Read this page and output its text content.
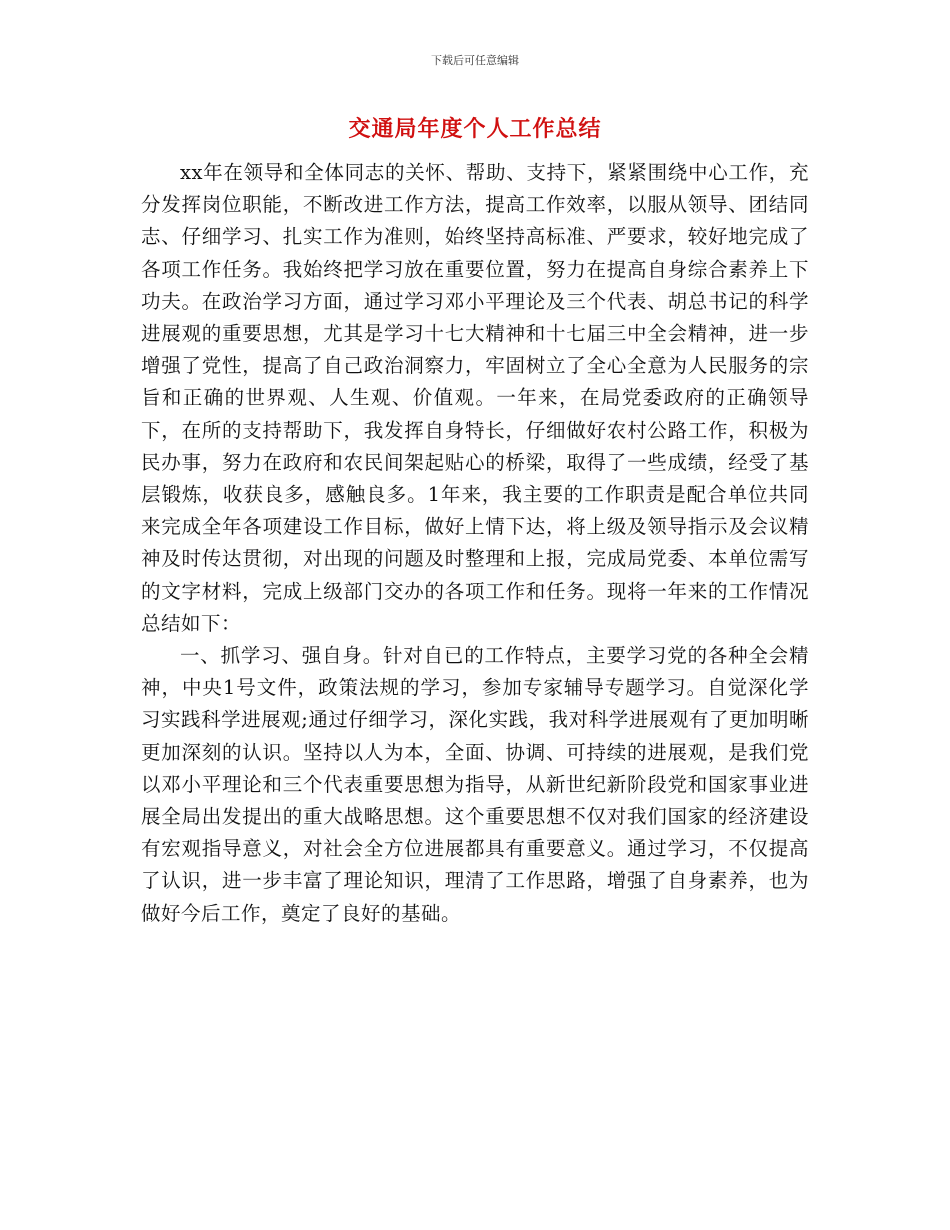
下载后可任意编辑
交通局年度个人工作总结

xx年在领导和全体同志的关怀、帮助、支持下，紧紧围绕中心工作，充分发挥岗位职能，不断改进工作方法，提高工作效率，以服从领导、团结同志、仔细学习、扎实工作为准则，始终坚持高标准、严要求，较好地完成了各项工作任务。我始终把学习放在重要位置，努力在提高自身综合素养上下功夫。在政治学习方面，通过学习邓小平理论及三个代表、胡总书记的科学进展观的重要思想，尤其是学习十七大精神和十七届三中全会精神，进一步增强了党性，提高了自己政治洞察力，牢固树立了全心全意为人民服务的宗旨和正确的世界观、人生观、价值观。一年来，在局党委政府的正确领导下，在所的支持帮助下，我发挥自身特长，仔细做好农村公路工作，积极为民办事，努力在政府和农民间架起贴心的桥梁，取得了一些成绩，经受了基层锻炼，收获良多，感触良多。1年来，我主要的工作职责是配合单位共同来完成全年各项建设工作目标，做好上情下达，将上级及领导指示及会议精神及时传达贯彻，对出现的问题及时整理和上报，完成局党委、本单位需写的文字材料，完成上级部门交办的各项工作和任务。现将一年来的工作情况总结如下：

一、抓学习、强自身。针对自已的工作特点，主要学习党的各种全会精神，中央1号文件，政策法规的学习，参加专家辅导专题学习。自觉深化学习实践科学进展观;通过仔细学习，深化实践，我对科学进展观有了更加明晰更加深刻的认识。坚持以人为本，全面、协调、可持续的进展观，是我们党以邓小平理论和三个代表重要思想为指导，从新世纪新阶段党和国家事业进展全局出发提出的重大战略思想。这个重要思想不仅对我们国家的经济建设有宏观指导意义，对社会全方位进展都具有重要意义。通过学习，不仅提高了认识，进一步丰富了理论知识，理清了工作思路，增强了自身素养，也为做好今后工作，奠定了良好的基础。
